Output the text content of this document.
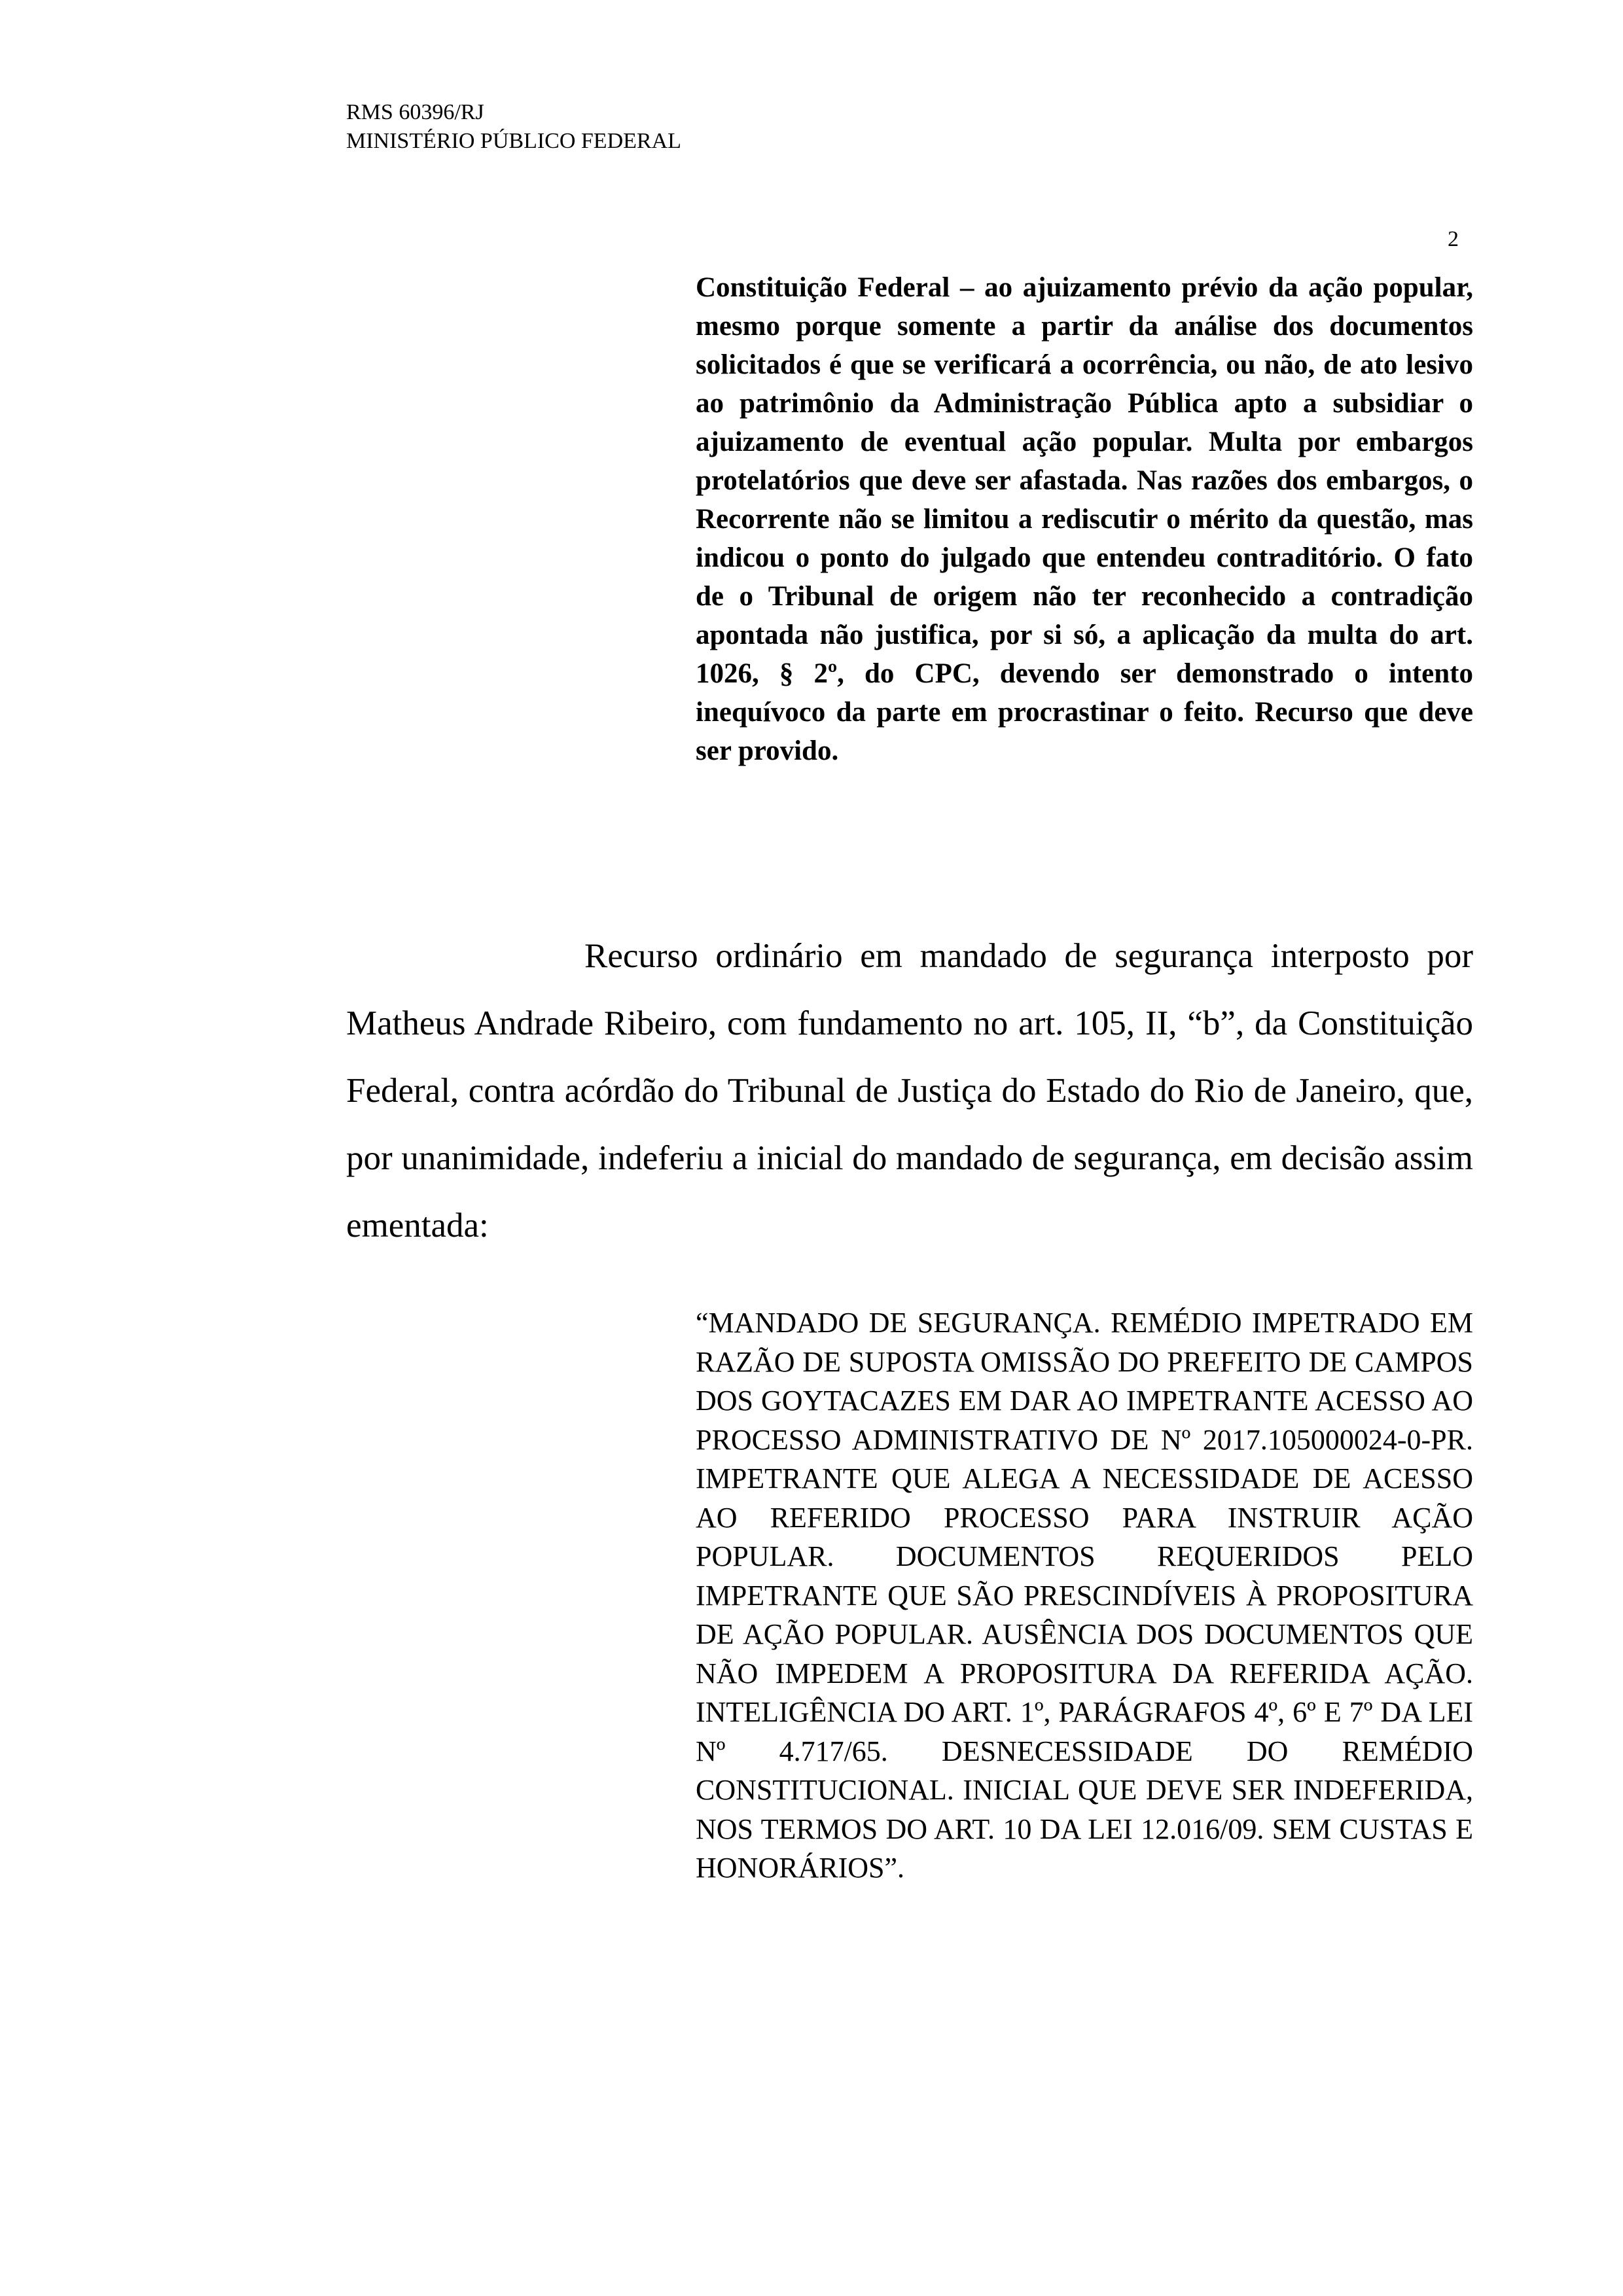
RMS 60396/RJ
MINISTÉRIO PÚBLICO FEDERAL
2
Constituição Federal – ao ajuizamento prévio da ação popular, mesmo porque somente a partir da análise dos documentos solicitados é que se verificará a ocorrência, ou não, de ato lesivo ao patrimônio da Administração Pública apto a subsidiar o ajuizamento de eventual ação popular. Multa por embargos protelatórios que deve ser afastada. Nas razões dos embargos, o Recorrente não se limitou a rediscutir o mérito da questão, mas indicou o ponto do julgado que entendeu contraditório. O fato de o Tribunal de origem não ter reconhecido a contradição apontada não justifica, por si só, a aplicação da multa do art. 1026, § 2º, do CPC, devendo ser demonstrado o intento inequívoco da parte em procrastinar o feito. Recurso que deve ser provido.

Recurso ordinário em mandado de segurança interposto por Matheus Andrade Ribeiro, com fundamento no art. 105, II, “b”, da Constituição Federal, contra acórdão do Tribunal de Justiça do Estado do Rio de Janeiro, que, por unanimidade, indeferiu a inicial do mandado de segurança, em decisão assim ementada:

“MANDADO DE SEGURANÇA. REMÉDIO IMPETRADO EM RAZÃO DE SUPOSTA OMISSÃO DO PREFEITO DE CAMPOS DOS GOYTACAZES EM DAR AO IMPETRANTE ACESSO AO PROCESSO ADMINISTRATIVO DE Nº 2017.105000024-0-PR. IMPETRANTE QUE ALEGA A NECESSIDADE DE ACESSO AO REFERIDO PROCESSO PARA INSTRUIR AÇÃO POPULAR. DOCUMENTOS REQUERIDOS PELO IMPETRANTE QUE SÃO PRESCINDÍVEIS À PROPOSITURA DE AÇÃO POPULAR. AUSÊNCIA DOS DOCUMENTOS QUE NÃO IMPEDEM A PROPOSITURA DA REFERIDA AÇÃO. INTELIGÊNCIA DO ART. 1º, PARÁGRAFOS 4º, 6º E 7º DA LEI Nº 4.717/65. DESNECESSIDADE DO REMÉDIO CONSTITUCIONAL. INICIAL QUE DEVE SER INDEFERIDA, NOS TERMOS DO ART. 10 DA LEI 12.016/09. SEM CUSTAS E HONORÁRIOS”.
